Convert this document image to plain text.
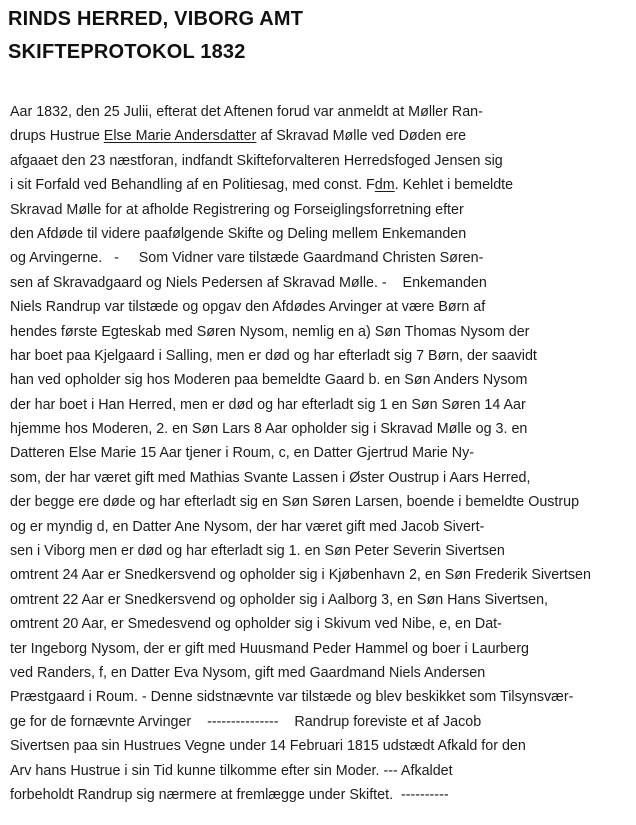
RINDS HERRED, VIBORG AMT
SKIFTEPROTOKOL 1832
Aar 1832, den 25 Julii, efterat det Aftenen forud var anmeldt at Møller Ran-
drups Hustrue Else Marie Andersdatter af Skravad Mølle ved Døden ere
afgaaet den 23 næstforan, indfandt Skifteforvalteren Herredsfoged Jensen sig
i sit Forfald ved Behandling af en Politiesag, med const. Fdm. Kehlet i bemeldte
Skravad Mølle for at afholde Registrering og Forseiglingsforretning efter
den Afdøde til videre paafølgende Skifte og Deling mellem Enkemanden
og Arvingerne.   -     Som Vidner vare tilstæde Gaardmand Christen Søren-
sen af Skravadgaard og Niels Pedersen af Skravad Mølle. -    Enkemanden
Niels Randrup var tilstæde og opgav den Afdødes Arvinger at være Børn af
hendes første Egteskab med Søren Nysom, nemlig en a) Søn Thomas Nysom der
har boet paa Kjelgaard i Salling, men er død og har efterladt sig 7 Børn, der saavidt
han ved opholder sig hos Moderen paa bemeldte Gaard b. en Søn Anders Nysom
der har boet i Han Herred, men er død og har efterladt sig 1 en Søn Søren 14 Aar
hjemme hos Moderen, 2. en Søn Lars 8 Aar opholder sig i Skravad Mølle og 3. en
Datteren Else Marie 15 Aar tjener i Roum, c, en Datter Gjertrud Marie Ny-
som, der har været gift med Mathias Svante Lassen i Øster Oustrup i Aars Herred,
der begge ere døde og har efterladt sig en Søn Søren Larsen, boende i bemeldte Oustrup
og er myndig d, en Datter Ane Nysom, der har været gift med Jacob Sivert-
sen i Viborg men er død og har efterladt sig 1. en Søn Peter Severin Sivertsen
omtrent 24 Aar er Snedkersvend og opholder sig i Kjøbenhavn 2, en Søn Frederik Sivertsen
omtrent 22 Aar er Snedkersvend og opholder sig i Aalborg 3, en Søn Hans Sivertsen,
omtrent 20 Aar, er Smedesvend og opholder sig i Skivum ved Nibe, e, en Dat-
ter Ingeborg Nysom, der er gift med Huusmand Peder Hammel og boer i Laurberg
ved Randers, f, en Datter Eva Nysom, gift med Gaardmand Niels Andersen
Præstgaard i Roum. - Denne sidstnævnte var tilstæde og blev beskikket som Tilsynsvær-
ge for de fornævnte Arvinger    ---------------    Randrup foreviste et af Jacob
Sivertsen paa sin Hustrues Vegne under 14 Februari 1815 udstædt Afkald for den
Arv hans Hustrue i sin Tid kunne tilkomme efter sin Moder. --- Afkaldet
forbeholdt Randrup sig nærmere at fremlægge under Skiftet.  ----------
